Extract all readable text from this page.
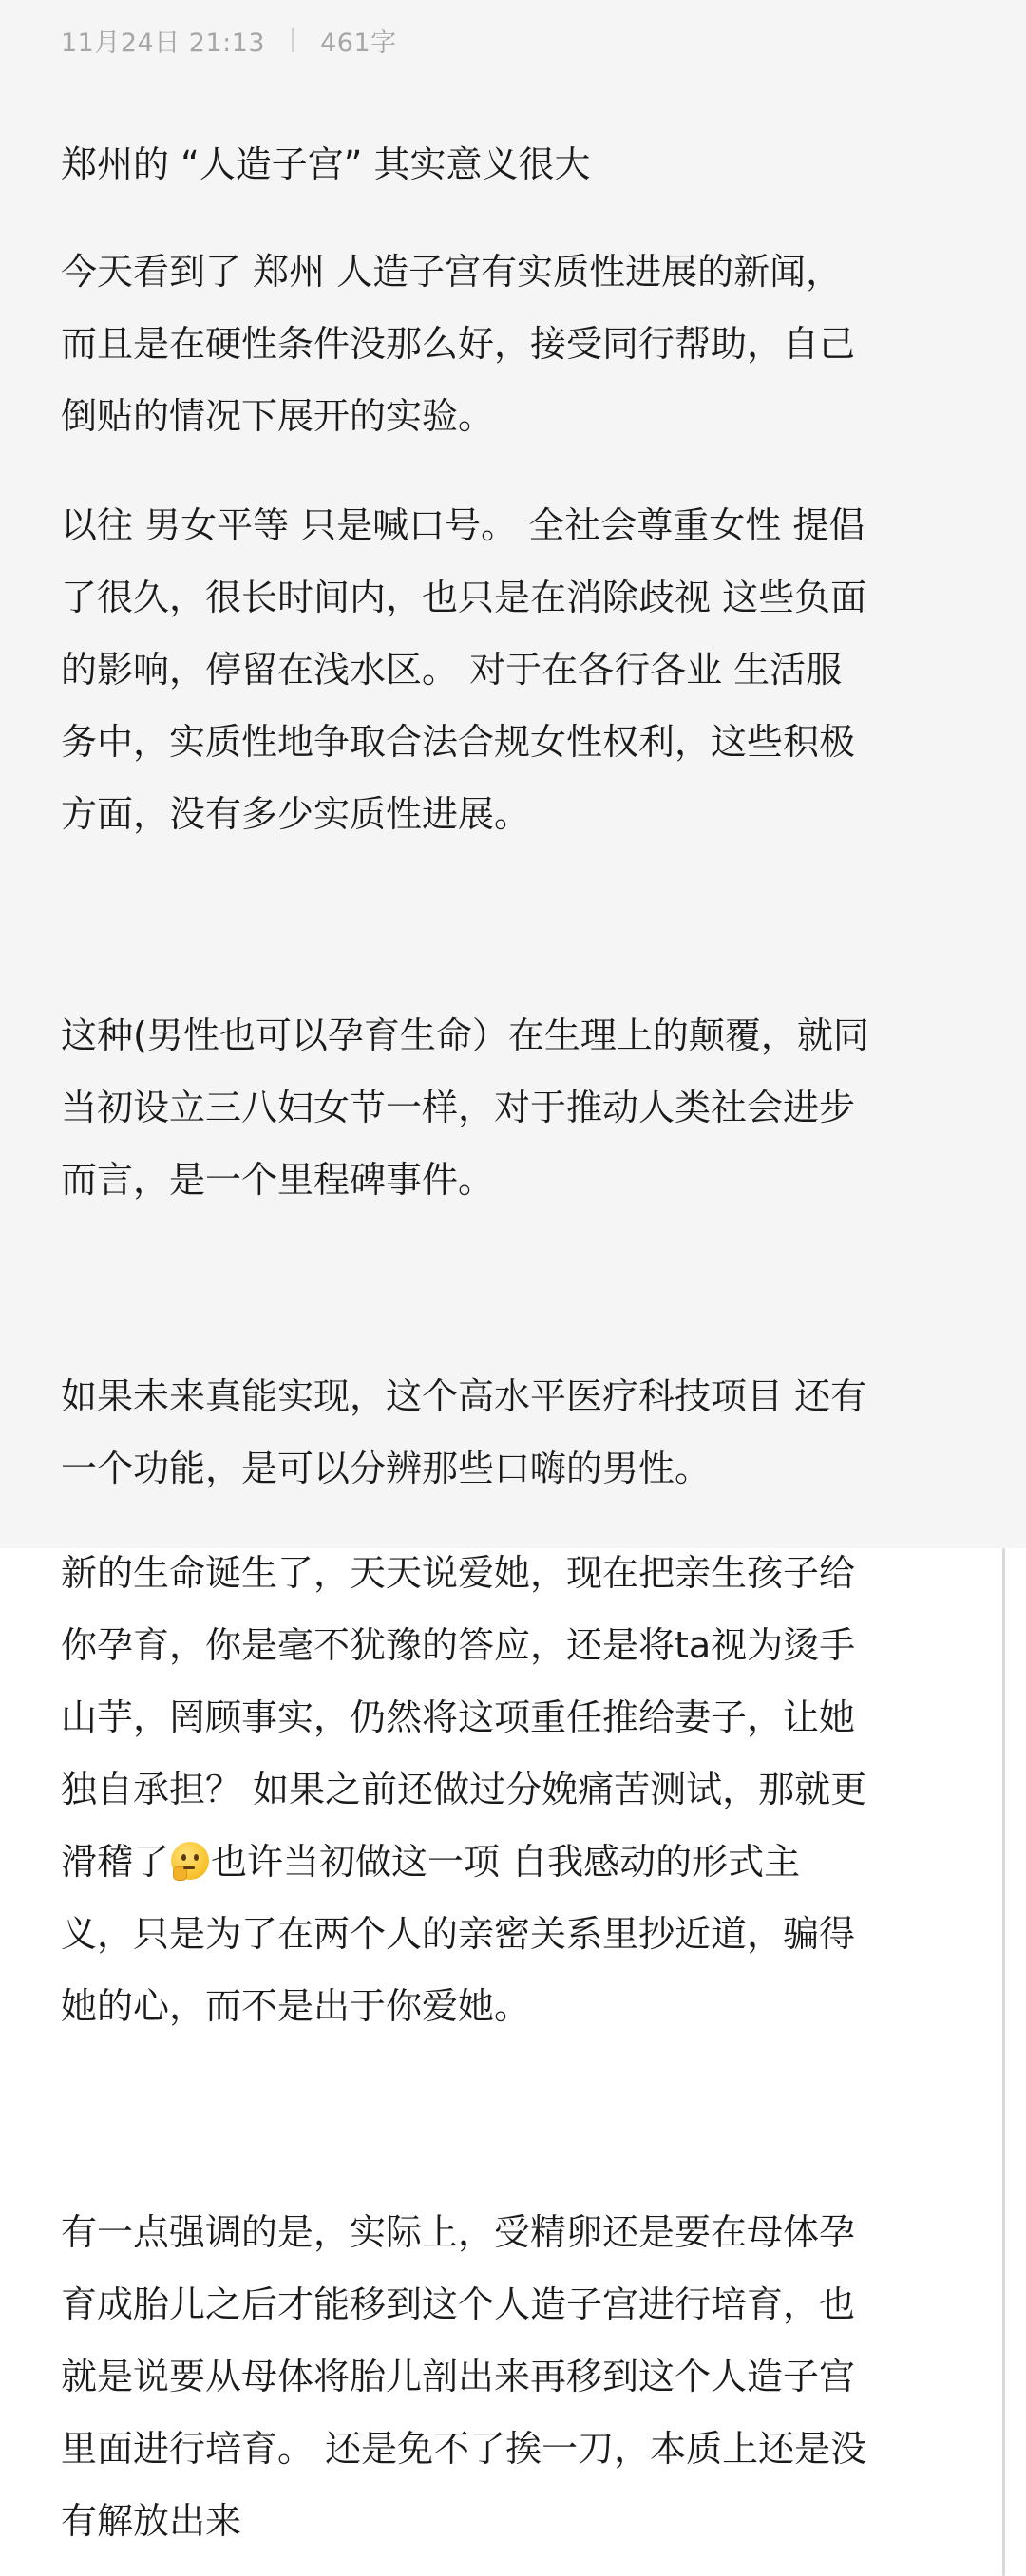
11月24日 21:13 461字
郑州的 “人造子宫” 其实意义很大
今天看到了 郑州 人造子宫有实质性进展的新闻，
而且是在硬性条件没那么好，接受同行帮助，自己
倒贴的情况下展开的实验。
以往 男女平等 只是喊口号。 全社会尊重女性 提倡
了很久，很长时间内，也只是在消除歧视 这些负面
的影响，停留在浅水区。 对于在各行各业 生活服
务中，实质性地争取合法合规女性权利，这些积极
方面，没有多少实质性进展。
这种(男性也可以孕育生命）在生理上的颠覆，就同
当初设立三八妇女节一样，对于推动人类社会进步
而言，是一个里程碑事件。
如果未来真能实现，这个高水平医疗科技项目 还有
一个功能，是可以分辨那些口嗨的男性。
新的生命诞生了，天天说爱她，现在把亲生孩子给
你孕育，你是毫不犹豫的答应，还是将ta视为烫手
山芋，罔顾事实，仍然将这项重任推给妻子，让她
独自承担？ 如果之前还做过分娩痛苦测试，那就更
滑稽了 也许当初做这一项 自我感动的形式主
义，只是为了在两个人的亲密关系里抄近道，骗得
她的心，而不是出于你爱她。
有一点强调的是，实际上，受精卵还是要在母体孕
育成胎儿之后才能移到这个人造子宫进行培育，也
就是说要从母体将胎儿剖出来再移到这个人造子宫
里面进行培育。 还是免不了挨一刀，本质上还是没
有解放出来
